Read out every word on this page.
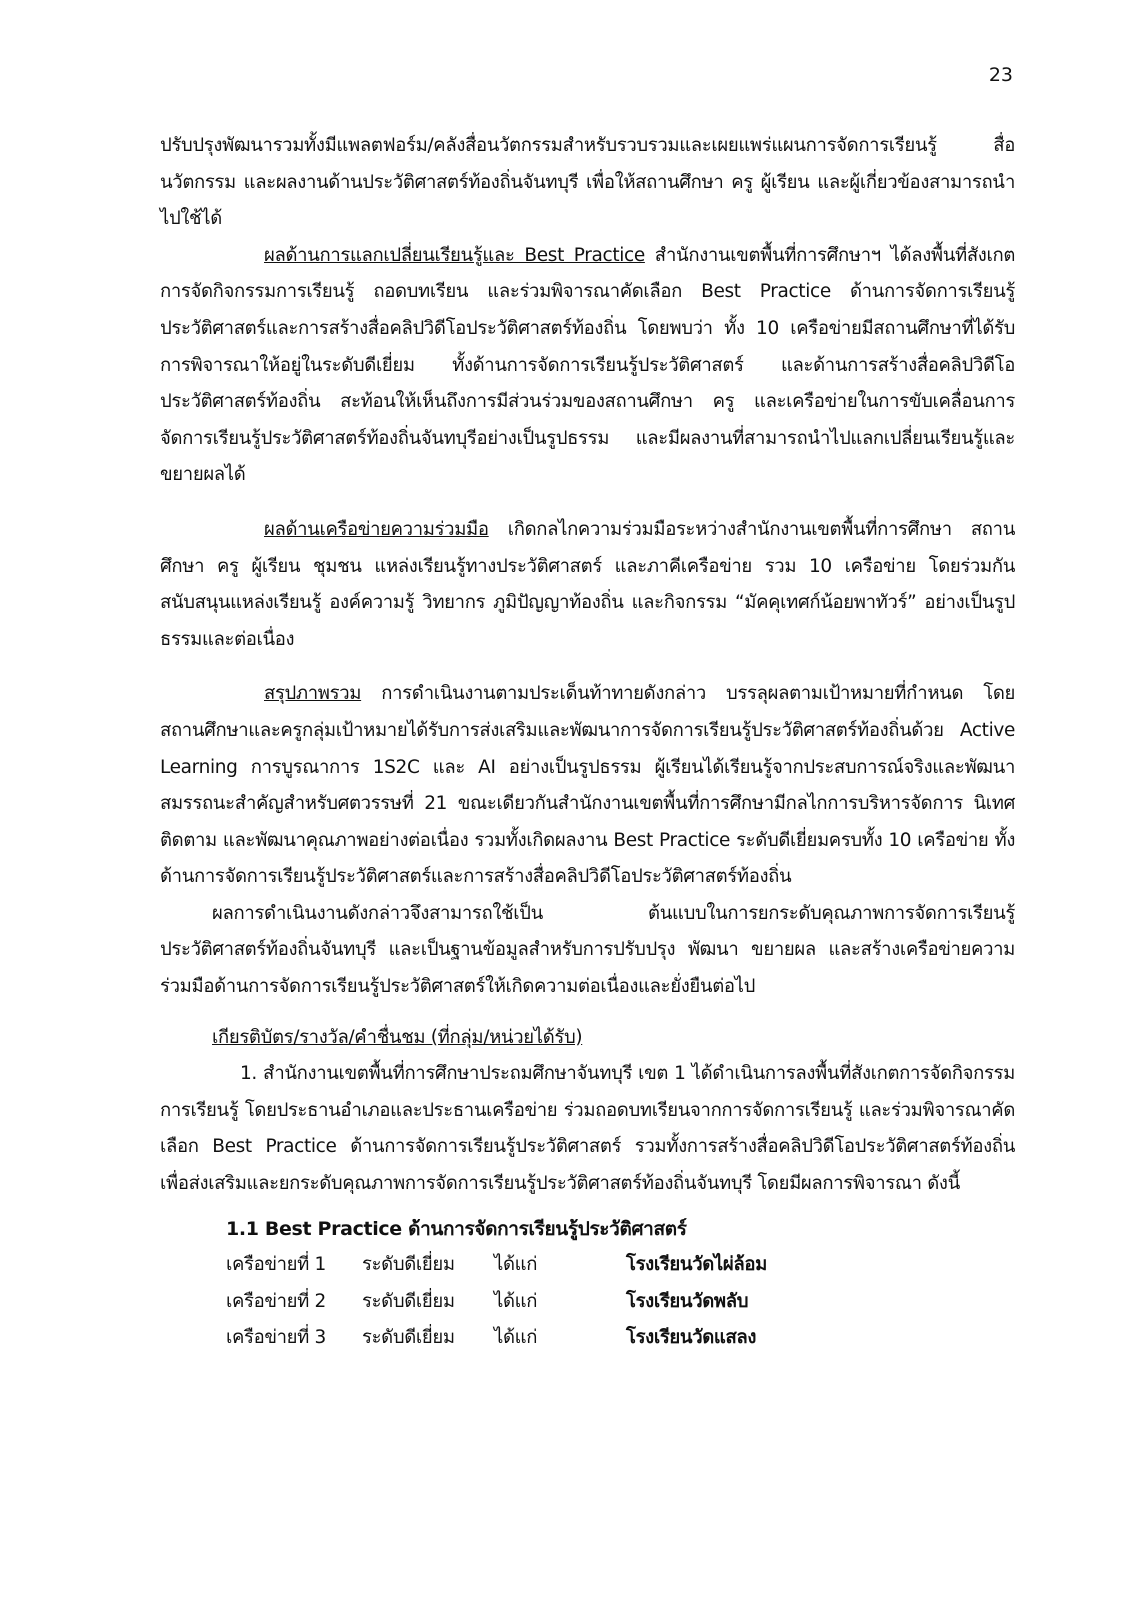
23

ปรับปรุงพัฒนารวมทั้งมีแพลตฟอร์ม/คลังสื่อนวัตกรรมสำหรับรวบรวมและเผยแพร่แผนการจัดการเรียนรู้ สื่อ นวัตกรรม และผลงานด้านประวัติศาสตร์ท้องถิ่นจันทบุรี เพื่อให้สถานศึกษา ครู ผู้เรียน และผู้เกี่ยวข้องสามารถนำไปใช้ได้

ผลด้านการแลกเปลี่ยนเรียนรู้และ Best Practice สำนักงานเขตพื้นที่การศึกษาฯ ได้ลงพื้นที่สังเกตการจัดกิจกรรมการเรียนรู้ ถอดบทเรียน และร่วมพิจารณาคัดเลือก Best Practice ด้านการจัดการเรียนรู้ประวัติศาสตร์และการสร้างสื่อคลิปวิดีโอประวัติศาสตร์ท้องถิ่น โดยพบว่า ทั้ง 10 เครือข่ายมีสถานศึกษาที่ได้รับการพิจารณาให้อยู่ในระดับดีเยี่ยม ทั้งด้านการจัดการเรียนรู้ประวัติศาสตร์ และด้านการสร้างสื่อคลิปวิดีโอประวัติศาสตร์ท้องถิ่น สะท้อนให้เห็นถึงการมีส่วนร่วมของสถานศึกษา ครู และเครือข่ายในการขับเคลื่อนการจัดการเรียนรู้ประวัติศาสตร์ท้องถิ่นจันทบุรีอย่างเป็นรูปธรรม และมีผลงานที่สามารถนำไปแลกเปลี่ยนเรียนรู้และขยายผลได้

ผลด้านเครือข่ายความร่วมมือ เกิดกลไกความร่วมมือระหว่างสำนักงานเขตพื้นที่การศึกษา สถานศึกษา ครู ผู้เรียน ชุมชน แหล่งเรียนรู้ทางประวัติศาสตร์ และภาคีเครือข่าย รวม 10 เครือข่าย โดยร่วมกันสนับสนุนแหล่งเรียนรู้ องค์ความรู้ วิทยากร ภูมิปัญญาท้องถิ่น และกิจกรรม “มัคคุเทศก์น้อยพาทัวร์” อย่างเป็นรูปธรรมและต่อเนื่อง

สรุปภาพรวม การดำเนินงานตามประเด็นท้าทายดังกล่าว บรรลุผลตามเป้าหมายที่กำหนด โดยสถานศึกษาและครูกลุ่มเป้าหมายได้รับการส่งเสริมและพัฒนาการจัดการเรียนรู้ประวัติศาสตร์ท้องถิ่นด้วย Active Learning การบูรณาการ 1S2C และ AI อย่างเป็นรูปธรรม ผู้เรียนได้เรียนรู้จากประสบการณ์จริงและพัฒนาสมรรถนะสำคัญสำหรับศตวรรษที่ 21 ขณะเดียวกันสำนักงานเขตพื้นที่การศึกษามีกลไกการบริหารจัดการ นิเทศ ติดตาม และพัฒนาคุณภาพอย่างต่อเนื่อง รวมทั้งเกิดผลงาน Best Practice ระดับดีเยี่ยมครบทั้ง 10 เครือข่าย ทั้งด้านการจัดการเรียนรู้ประวัติศาสตร์และการสร้างสื่อคลิปวิดีโอประวัติศาสตร์ท้องถิ่น

ผลการดำเนินงานดังกล่าวจึงสามารถใช้เป็น ต้นแบบในการยกระดับคุณภาพการจัดการเรียนรู้ประวัติศาสตร์ท้องถิ่นจันทบุรี และเป็นฐานข้อมูลสำหรับการปรับปรุง พัฒนา ขยายผล และสร้างเครือข่ายความร่วมมือด้านการจัดการเรียนรู้ประวัติศาสตร์ให้เกิดความต่อเนื่องและยั่งยืนต่อไป

เกียรติบัตร/รางวัล/คำชื่นชม (ที่กลุ่ม/หน่วยได้รับ)

1. สำนักงานเขตพื้นที่การศึกษาประถมศึกษาจันทบุรี เขต 1 ได้ดำเนินการลงพื้นที่สังเกตการจัดกิจกรรมการเรียนรู้ โดยประธานอำเภอและประธานเครือข่าย ร่วมถอดบทเรียนจากการจัดการเรียนรู้ และร่วมพิจารณาคัดเลือก Best Practice ด้านการจัดการเรียนรู้ประวัติศาสตร์ รวมทั้งการสร้างสื่อคลิปวิดีโอประวัติศาสตร์ท้องถิ่น เพื่อส่งเสริมและยกระดับคุณภาพการจัดการเรียนรู้ประวัติศาสตร์ท้องถิ่นจันทบุรี โดยมีผลการพิจารณา ดังนี้

1.1 Best Practice ด้านการจัดการเรียนรู้ประวัติศาสตร์

เครือข่ายที่ 1	ระดับดีเยี่ยม	ได้แก่	โรงเรียนวัดไผ่ล้อม
เครือข่ายที่ 2	ระดับดีเยี่ยม	ได้แก่	โรงเรียนวัดพลับ
เครือข่ายที่ 3	ระดับดีเยี่ยม	ได้แก่	โรงเรียนวัดแสลง
